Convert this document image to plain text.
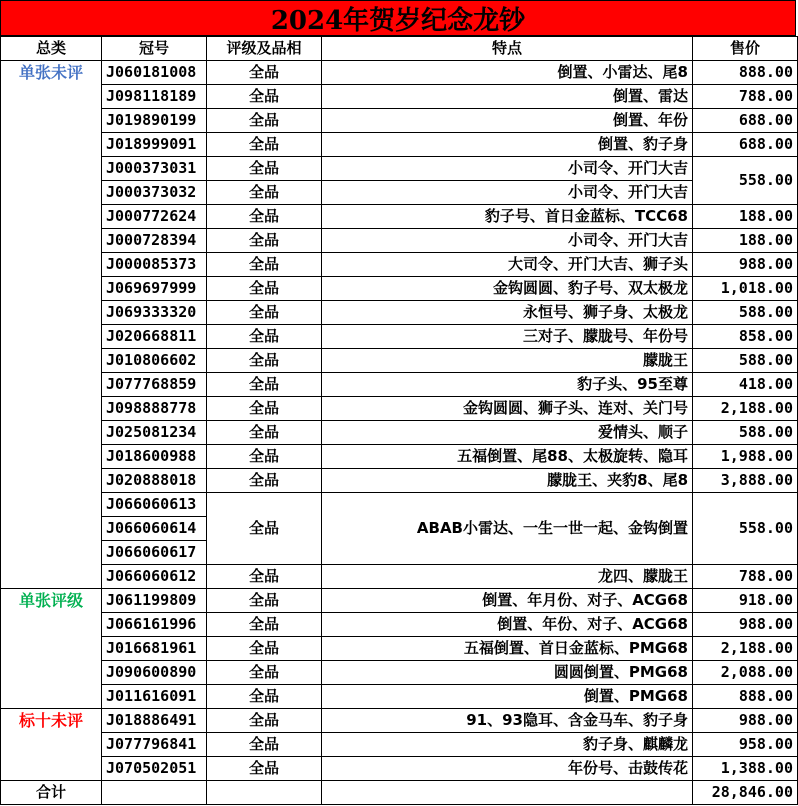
2024年贺岁纪念龙钞
总类	冠号	评级及品相	特点	售价
单张未评	J060181008	全品	倒置、小雷达、尾8	888.00
	J098118189	全品	倒置、雷达	788.00
	J019890199	全品	倒置、年份	688.00
	J018999091	全品	倒置、豹子身	688.00
	J000373031	全品	小司令、开门大吉	558.00
	J000373032	全品	小司令、开门大吉	
	J000772624	全品	豹子号、首日金蓝标、TCC68	188.00
	J000728394	全品	小司令、开门大吉	188.00
	J000085373	全品	大司令、开门大吉、狮子头	988.00
	J069697999	全品	金钩圆圆、豹子号、双太极龙	1,018.00
	J069333320	全品	永恒号、狮子身、太极龙	588.00
	J020668811	全品	三对子、朦胧号、年份号	858.00
	J010806602	全品	朦胧王	588.00
	J077768859	全品	豹子头、95至尊	418.00
	J098888778	全品	金钩圆圆、狮子头、连对、关门号	2,188.00
	J025081234	全品	爱情头、顺子	588.00
	J018600988	全品	五福倒置、尾88、太极旋转、隐耳	1,988.00
	J020888018	全品	朦胧王、夹豹8、尾8	3,888.00
	J066060613	全品	ABAB小雷达、一生一世一起、金钩倒置	558.00
	J066060614			
	J066060617			
	J066060612	全品	龙四、朦胧王	788.00
单张评级	J061199809	全品	倒置、年月份、对子、ACG68	918.00
	J066161996	全品	倒置、年份、对子、ACG68	988.00
	J016681961	全品	五福倒置、首日金蓝标、PMG68	2,188.00
	J090600890	全品	圆圆倒置、PMG68	2,088.00
	J011616091	全品	倒置、PMG68	888.00
标十未评	J018886491	全品	91、93隐耳、含金马车、豹子身	988.00
	J077796841	全品	豹子身、麒麟龙	958.00
	J070502051	全品	年份号、击鼓传花	1,388.00
合计				28,846.00
